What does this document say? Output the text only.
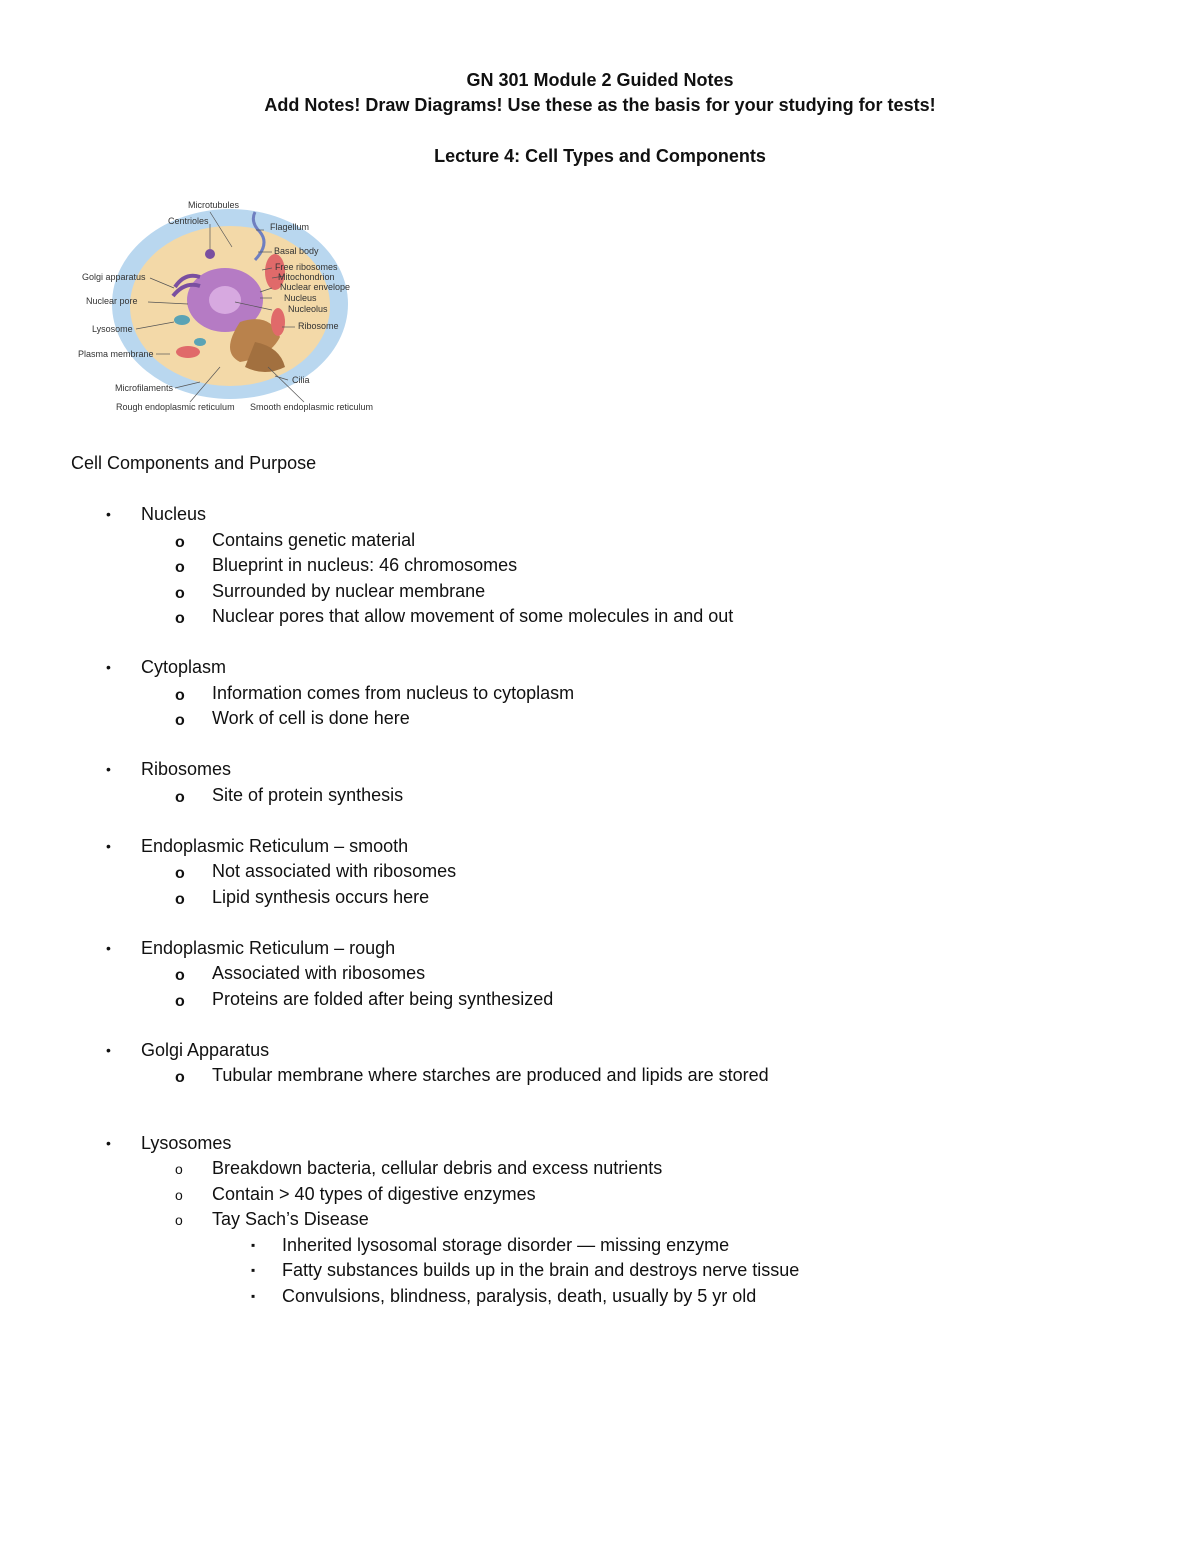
GN 301 Module 2 Guided Notes
Add Notes! Draw Diagrams! Use these as the basis for your studying for tests!
Lecture 4: Cell Types and Components
Microtubules
Centrioles
Flagellum
Basal body
Golgi apparatus
Free ribosomes
Mitochondrion
Nuclear envelope
Nuclear pore	Nucleus
Nucleolus
Lysosome	Ribosome
Plasma membrane
Cilia
Microfilaments
Rough endoplasmic reticulum Smooth endoplasmic reticulum
Cell Components and Purpose
• Nucleus
o Contains genetic material
o Blueprint in nucleus: 46 chromosomes
o Surrounded by nuclear membrane
o Nuclear pores that allow movement of some molecules in and out
• Cytoplasm
o Information comes from nucleus to cytoplasm
o Work of cell is done here
• Ribosomes
o Site of protein synthesis
• Endoplasmic Reticulum – smooth
o Not associated with ribosomes
o Lipid synthesis occurs here
• Endoplasmic Reticulum – rough
o Associated with ribosomes
o Proteins are folded after being synthesized
• Golgi Apparatus
o Tubular membrane where starches are produced and lipids are stored
• Lysosomes
o Breakdown bacteria, cellular debris and excess nutrients
o Contain > 40 types of digestive enzymes
o Tay Sach’s Disease
▪ Inherited lysosomal storage disorder — missing enzyme
▪ Fatty substances builds up in the brain and destroys nerve tissue
▪ Convulsions, blindness, paralysis, death, usually by 5 yr old
